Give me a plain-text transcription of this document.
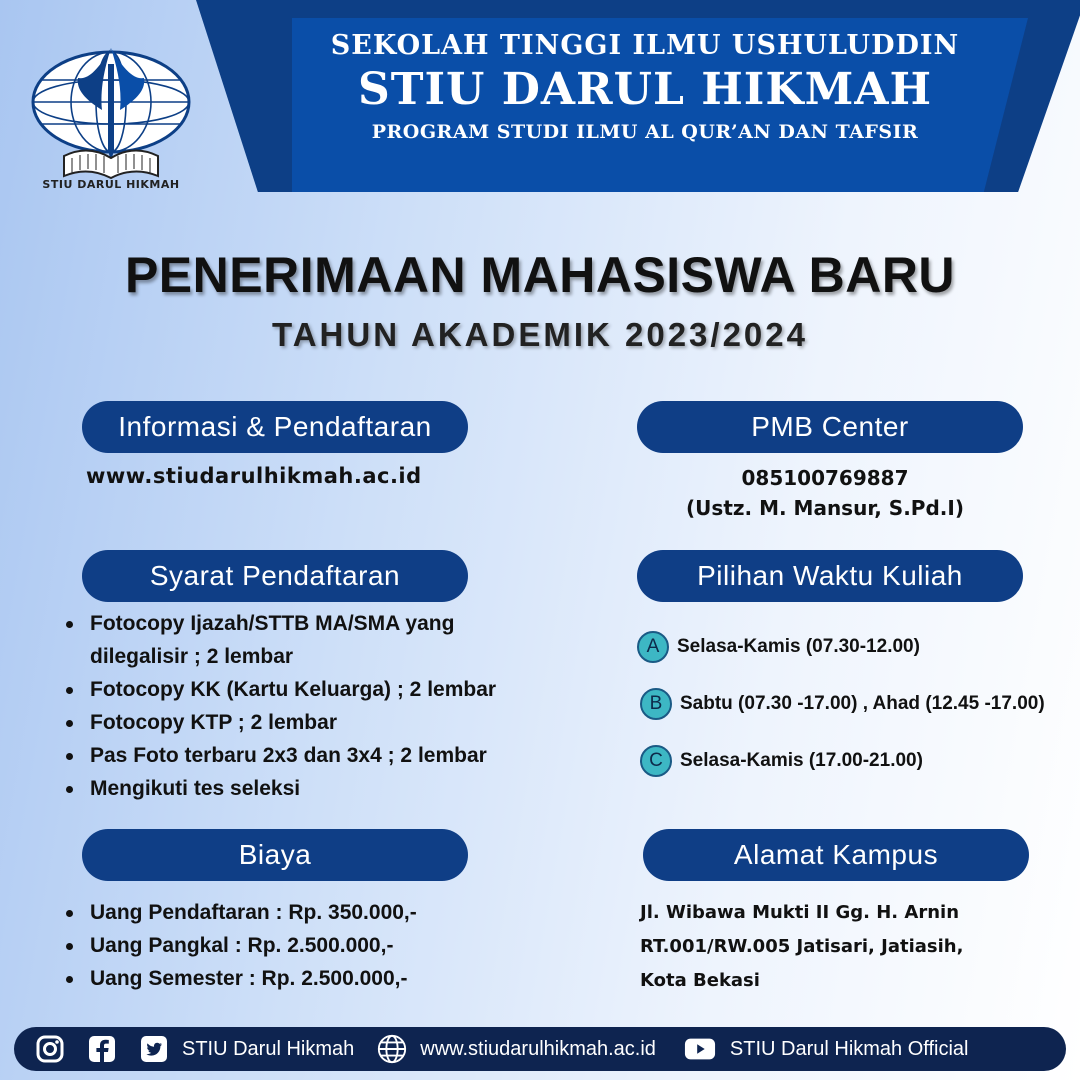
SEKOLAH TINGGI ILMU USHULUDDIN
STIU DARUL HIKMAH
PROGRAM STUDI ILMU AL QUR’AN DAN TAFSIR
STIU DARUL HIKMAH
PENERIMAAN MAHASISWA BARU
TAHUN AKADEMIK 2023/2024
Informasi & Pendaftaran
www.stiudarulhikmah.ac.id
PMB Center
085100769887
(Ustz. M. Mansur, S.Pd.I)
Syarat Pendaftaran
Fotocopy Ijazah/STTB MA/SMA yang dilegalisir ; 2 lembar
Fotocopy KK (Kartu Keluarga) ; 2 lembar
Fotocopy KTP ; 2 lembar
Pas Foto terbaru 2x3 dan 3x4 ; 2 lembar
Mengikuti tes seleksi
Pilihan Waktu Kuliah
A Selasa-Kamis (07.30-12.00)
B Sabtu (07.30 -17.00) , Ahad (12.45 -17.00)
C Selasa-Kamis (17.00-21.00)
Biaya
Uang Pendaftaran : Rp. 350.000,-
Uang Pangkal : Rp. 2.500.000,-
Uang Semester : Rp. 2.500.000,-
Alamat Kampus
Jl. Wibawa Mukti II Gg. H. Arnin
RT.001/RW.005 Jatisari, Jatiasih,
Kota Bekasi
STIU Darul Hikmah	www.stiudarulhikmah.ac.id	STIU Darul Hikmah Official
